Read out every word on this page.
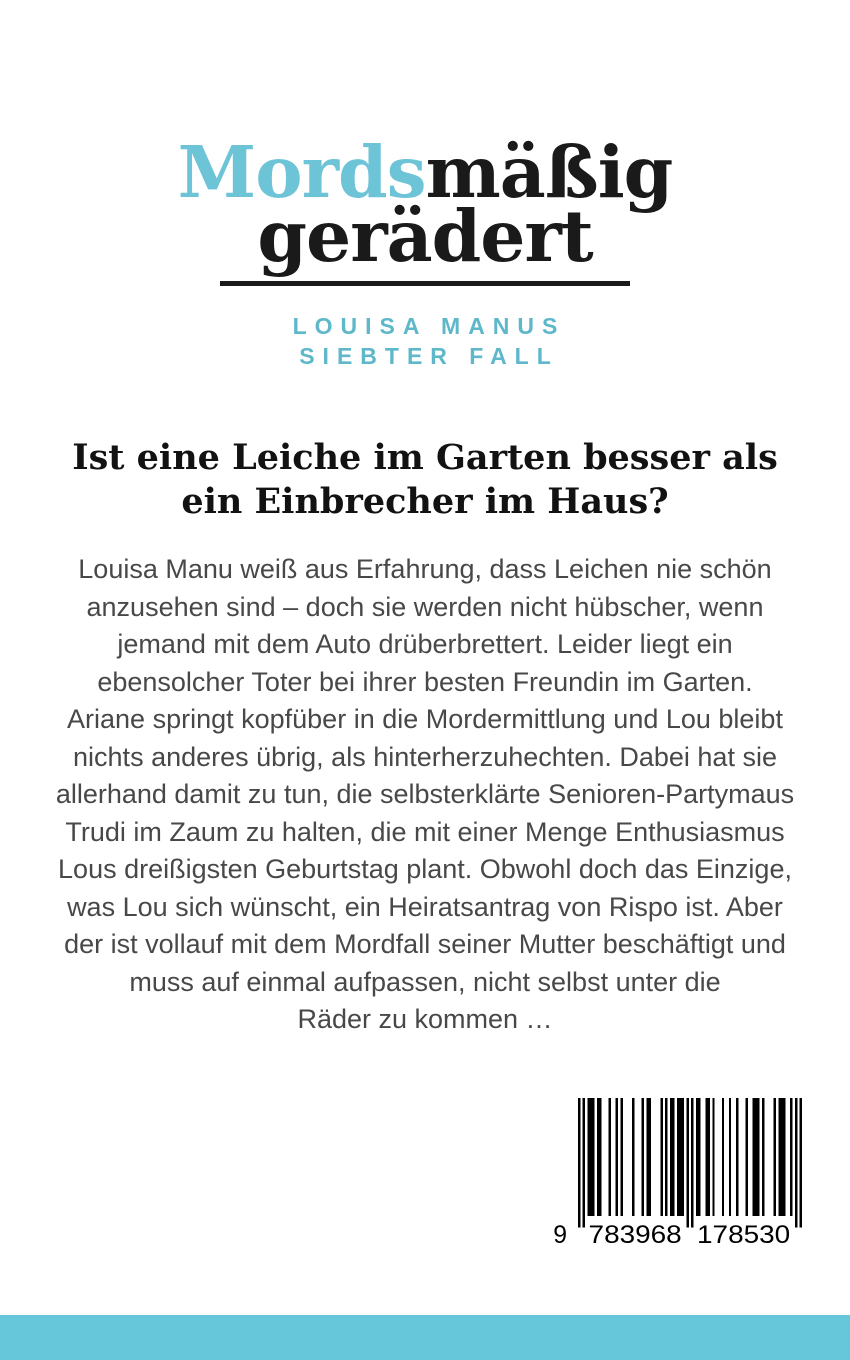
Mordsmäßig
gerädert
LOUISA MANUS
SIEBTER FALL
Ist eine Leiche im Garten besser als
ein Einbrecher im Haus?
Louisa Manu weiß aus Erfahrung, dass Leichen nie schön
anzusehen sind – doch sie werden nicht hübscher, wenn
jemand mit dem Auto drüberbrettert. Leider liegt ein
ebensolcher Toter bei ihrer besten Freundin im Garten.
Ariane springt kopfüber in die Mordermittlung und Lou bleibt
nichts anderes übrig, als hinterherzuhechten. Dabei hat sie
allerhand damit zu tun, die selbsterklärte Senioren-Partymaus
Trudi im Zaum zu halten, die mit einer Menge Enthusiasmus
Lous dreißigsten Geburtstag plant. Obwohl doch das Einzige,
was Lou sich wünscht, ein Heiratsantrag von Rispo ist. Aber
der ist vollauf mit dem Mordfall seiner Mutter beschäftigt und
muss auf einmal aufpassen, nicht selbst unter die
Räder zu kommen …
9 783968 178530
